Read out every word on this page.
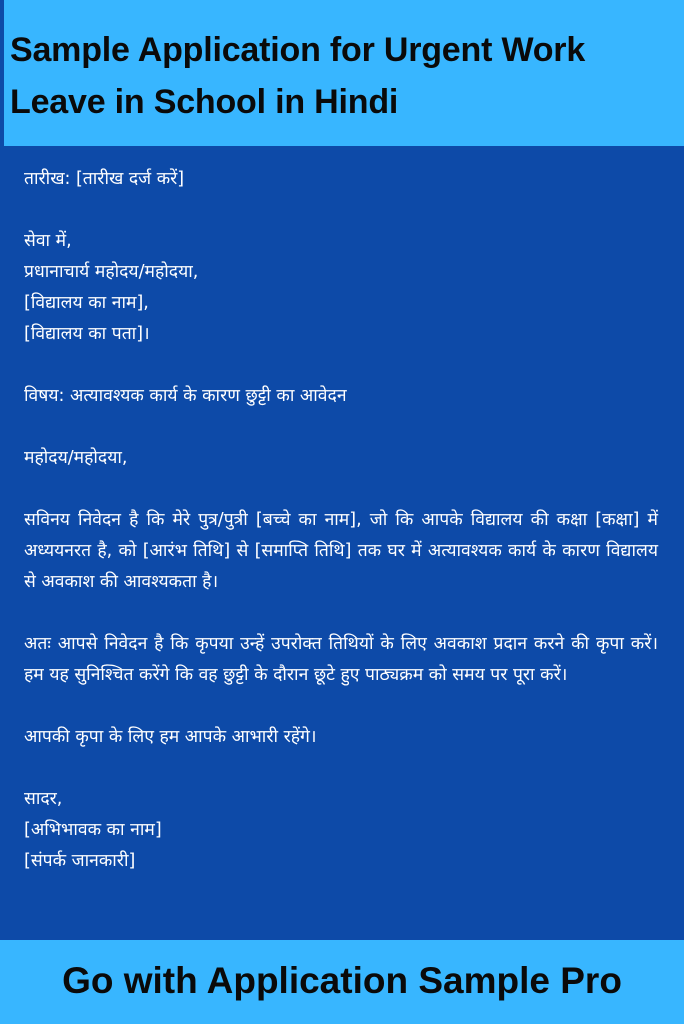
Sample Application for Urgent Work Leave in School in Hindi

तारीख: [तारीख दर्ज करें]

सेवा में,

प्रधानाचार्य महोदय/महोदया,

[विद्यालय का नाम],

[विद्यालय का पता]।

विषय: अत्यावश्यक कार्य के कारण छुट्टी का आवेदन

महोदय/महोदया,

सविनय निवेदन है कि मेरे पुत्र/पुत्री [बच्चे का नाम], जो कि आपके विद्यालय की कक्षा [कक्षा] में अध्ययनरत है, को [आरंभ तिथि] से [समाप्ति तिथि] तक घर में अत्यावश्यक कार्य के कारण विद्यालय से अवकाश की आवश्यकता है।

अतः आपसे निवेदन है कि कृपया उन्हें उपरोक्त तिथियों के लिए अवकाश प्रदान करने की कृपा करें। हम यह सुनिश्चित करेंगे कि वह छुट्टी के दौरान छूटे हुए पाठ्यक्रम को समय पर पूरा करें।

आपकी कृपा के लिए हम आपके आभारी रहेंगे।

सादर,

[अभिभावक का नाम]

[संपर्क जानकारी]

Go with Application Sample Pro
